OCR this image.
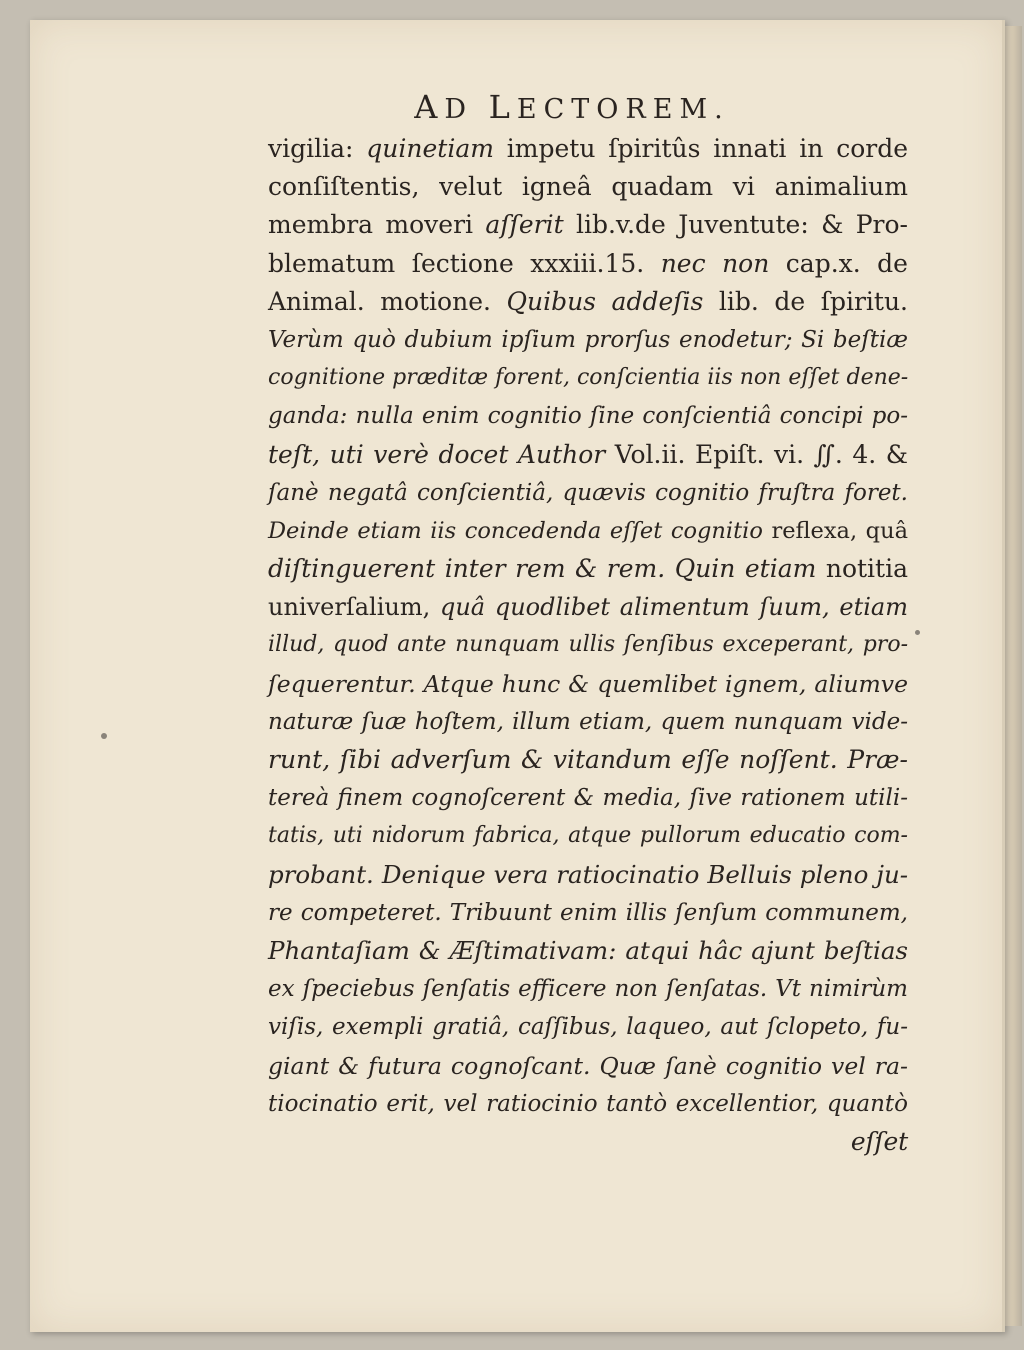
AD LECTOREM.
vigilia: quinetiam impetu ſpiritûs innati in corde
conſiſtentis, velut igneâ quadam vi animalium
membra moveri aſſerit lib.v.de Juventute: & Pro-
blematum ſectione xxxiii.15. nec non cap.x. de
Animal. motione. Quibus addeſis lib. de ſpiritu.
Verùm quò dubium ipſium prorſus enodetur; Si beſtiæ
cognitione præditæ forent, conſcientia iis non eſſet dene-
ganda: nulla enim cognitio ſine conſcientiâ concipi po-
teſt, uti verè docet Author Vol.ii. Epiſt. vi. ∬. 4. &
ſanè negatâ conſcientiâ, quævis cognitio fruſtra foret.
Deinde etiam iis concedenda eſſet cognitio reflexa, quâ
diſtinguerent inter rem & rem. Quin etiam notitia
univerſalium, quâ quodlibet alimentum ſuum, etiam
illud, quod ante nunquam ullis ſenſibus exceperant, pro-
ſequerentur. Atque hunc & quemlibet ignem, aliumve
naturæ ſuæ hoſtem, illum etiam, quem nunquam vide-
runt, ſibi adverſum & vitandum eſſe noſſent. Præ-
tereà finem cognoſcerent & media, ſive rationem utili-
tatis, uti nidorum fabrica, atque pullorum educatio com-
probant. Denique vera ratiocinatio Belluis pleno ju-
re competeret. Tribuunt enim illis ſenſum communem,
Phantaſiam & Æſtimativam: atqui hâc ajunt beſtias
ex ſpeciebus ſenſatis efficere non ſenſatas. Vt nimirùm
viſis, exempli gratiâ, caſſibus, laqueo, aut ſclopeto, fu-
giant & futura cognoſcant. Quæ ſanè cognitio vel ra-
tiocinatio erit, vel ratiocinio tantò excellentior, quantò
eſſet
